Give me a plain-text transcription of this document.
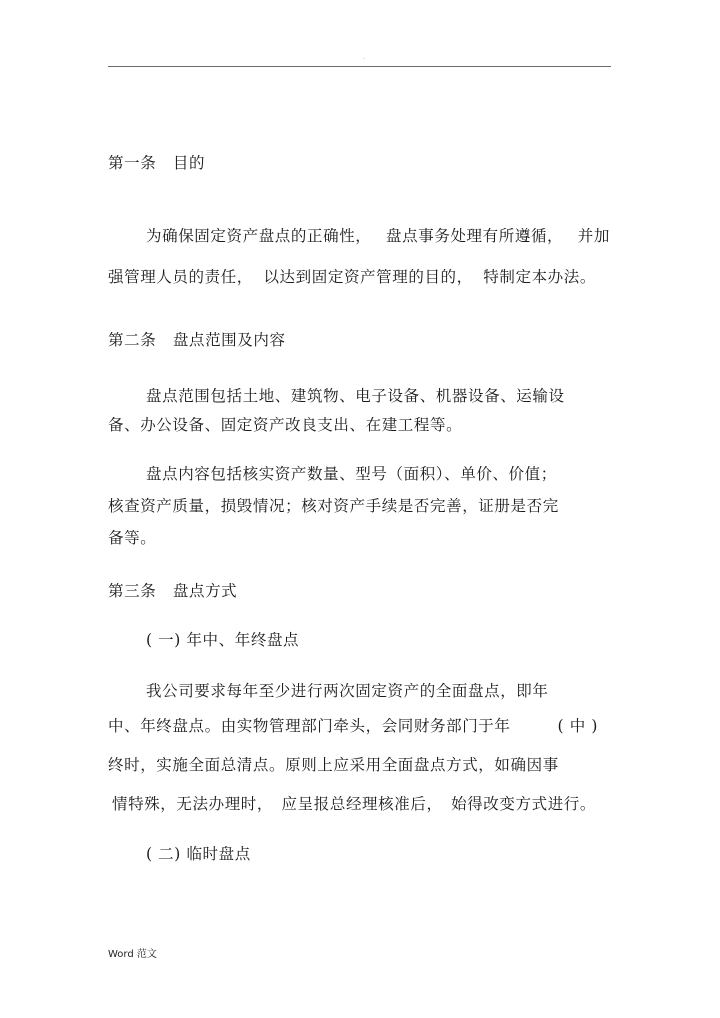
.
第一条   目的
为确保固定资产盘点的正确性， 盘点事务处理有所遵循， 并加
强管理人员的责任， 以达到固定资产管理的目的， 特制定本办法。
第二条   盘点范围及内容
盘点范围包括土地、建筑物、电子设备、机器设备、运输设
备、办公设备、固定资产改良支出、在建工程等。
盘点内容包括核实资产数量、型号（面积）、单价、价值；
核查资产质量，损毁情况；核对资产手续是否完善，证册是否完
备等。
第三条   盘点方式
( 一) 年中、年终盘点
我公司要求每年至少进行两次固定资产的全面盘点，即年
中、年终盘点。由实物管理部门牵头，会同财务部门于年	( 中 )
终时，实施全面总清点。原则上应采用全面盘点方式，如确因事
情特殊，无法办理时， 应呈报总经理核准后， 始得改变方式进行。
( 二) 临时盘点
Word 范文
